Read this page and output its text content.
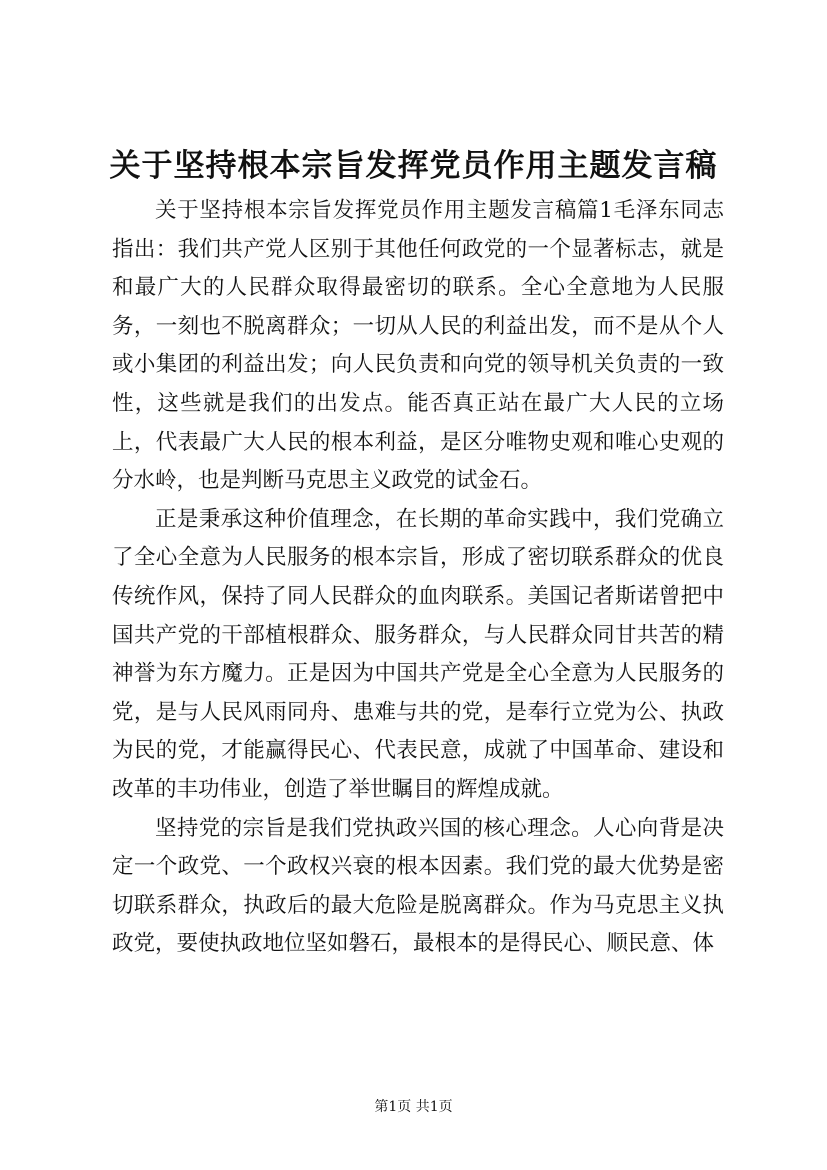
关于坚持根本宗旨发挥党员作用主题发言稿

关于坚持根本宗旨发挥党员作用主题发言稿篇1毛泽东同志指出：我们共产党人区别于其他任何政党的一个显著标志，就是和最广大的人民群众取得最密切的联系。全心全意地为人民服务，一刻也不脱离群众；一切从人民的利益出发，而不是从个人或小集团的利益出发；向人民负责和向党的领导机关负责的一致性，这些就是我们的出发点。能否真正站在最广大人民的立场上，代表最广大人民的根本利益，是区分唯物史观和唯心史观的分水岭，也是判断马克思主义政党的试金石。

正是秉承这种价值理念，在长期的革命实践中，我们党确立了全心全意为人民服务的根本宗旨，形成了密切联系群众的优良传统作风，保持了同人民群众的血肉联系。美国记者斯诺曾把中国共产党的干部植根群众、服务群众，与人民群众同甘共苦的精神誉为东方魔力。正是因为中国共产党是全心全意为人民服务的党，是与人民风雨同舟、患难与共的党，是奉行立党为公、执政为民的党，才能赢得民心、代表民意，成就了中国革命、建设和改革的丰功伟业，创造了举世瞩目的辉煌成就。

坚持党的宗旨是我们党执政兴国的核心理念。人心向背是决定一个政党、一个政权兴衰的根本因素。我们党的最大优势是密切联系群众，执政后的最大危险是脱离群众。作为马克思主义执政党，要使执政地位坚如磐石，最根本的是得民心、顺民意、体

第1页 共1页
